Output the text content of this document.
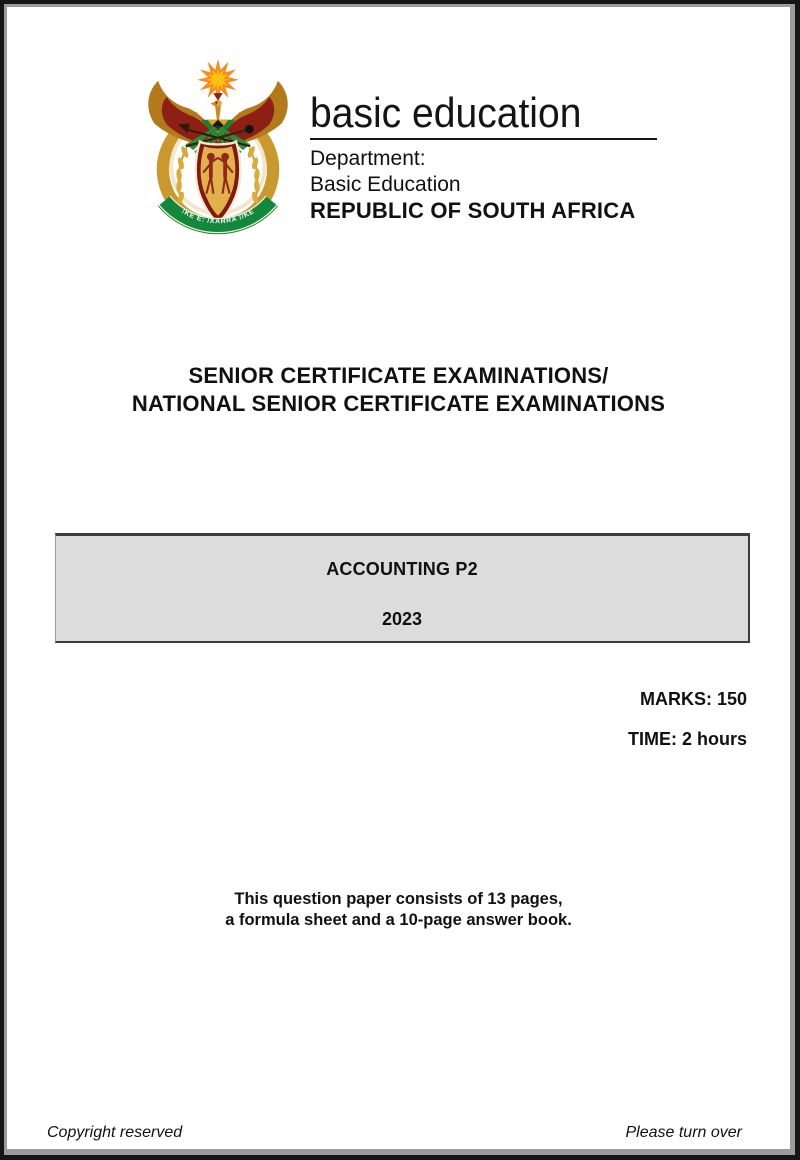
!KE E: /XARRA //KE
basic education
Department:
Basic Education
REPUBLIC OF SOUTH AFRICA
SENIOR CERTIFICATE EXAMINATIONS/
NATIONAL SENIOR CERTIFICATE EXAMINATIONS
ACCOUNTING P2
2023
MARKS: 150
TIME: 2 hours
This question paper consists of 13 pages,
a formula sheet and a 10-page answer book.
Copyright reserved	Please turn over
